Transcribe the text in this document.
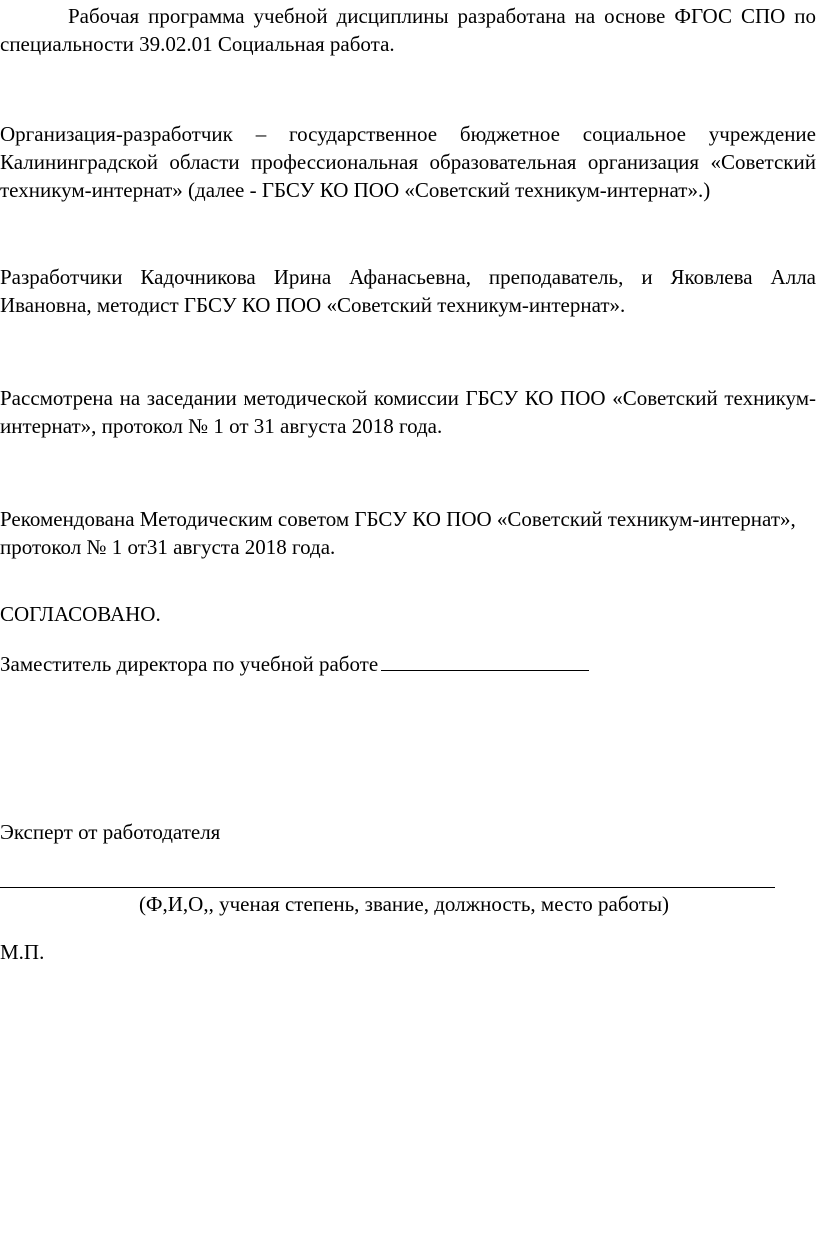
Рабочая программа учебной дисциплины разработана на основе ФГОС СПО по специальности 39.02.01 Социальная работа.

Организация-разработчик – государственное бюджетное социальное учреждение Калининградской области профессиональная образовательная организация «Советский техникум-интернат» (далее - ГБСУ КО ПОО «Советский техникум-интернат».)

Разработчики Кадочникова Ирина Афанасьевна, преподаватель, и Яковлева Алла Ивановна, методист ГБСУ КО ПОО «Советский техникум-интернат».

Рассмотрена на заседании методической комиссии ГБСУ КО ПОО «Советский техникум-интернат», протокол № 1 от 31 августа 2018 года.

Рекомендована Методическим советом ГБСУ КО ПОО «Советский техникум-интернат», протокол № 1 от31 августа 2018 года.

СОГЛАСОВАНО.

Заместитель директора по учебной работе

Эксперт от работодателя

(Ф,И,О,, ученая степень, звание, должность, место работы)

М.П.
